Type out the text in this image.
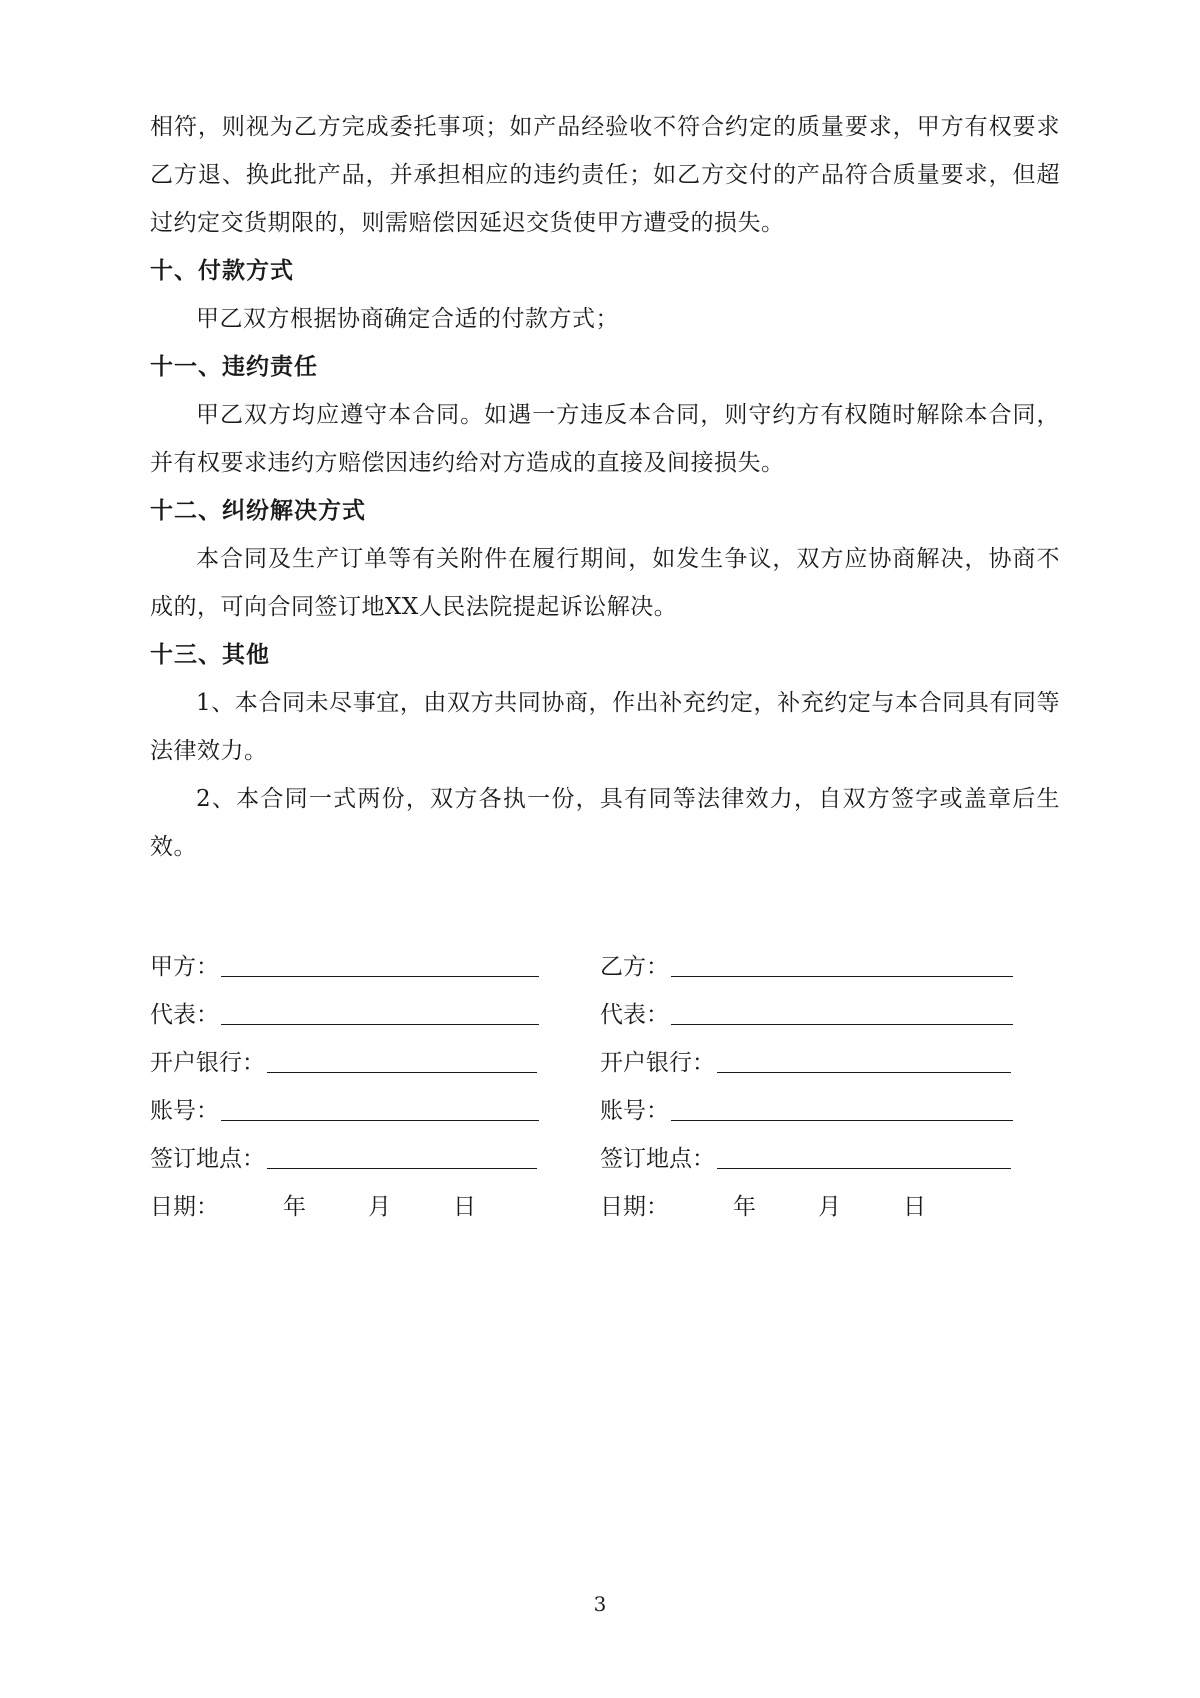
相符，则视为乙方完成委托事项；如产品经验收不符合约定的质量要求，甲方有权要求乙方退、换此批产品，并承担相应的违约责任；如乙方交付的产品符合质量要求，但超过约定交货期限的，则需赔偿因延迟交货使甲方遭受的损失。

十、付款方式

甲乙双方根据协商确定合适的付款方式；

十一、违约责任

甲乙双方均应遵守本合同。如遇一方违反本合同，则守约方有权随时解除本合同，并有权要求违约方赔偿因违约给对方造成的直接及间接损失。

十二、纠纷解决方式

本合同及生产订单等有关附件在履行期间，如发生争议，双方应协商解决，协商不成的，可向合同签订地XX人民法院提起诉讼解决。

十三、其他

1、本合同未尽事宜，由双方共同协商，作出补充约定，补充约定与本合同具有同等法律效力。

2、本合同一式两份，双方各执一份，具有同等法律效力，自双方签字或盖章后生效。

甲方：	乙方：
代表：	代表：
开户银行：	开户银行：
账号：	账号：
签订地点：	签订地点：
日期：	年	月	日	日期：	年	月	日
3
